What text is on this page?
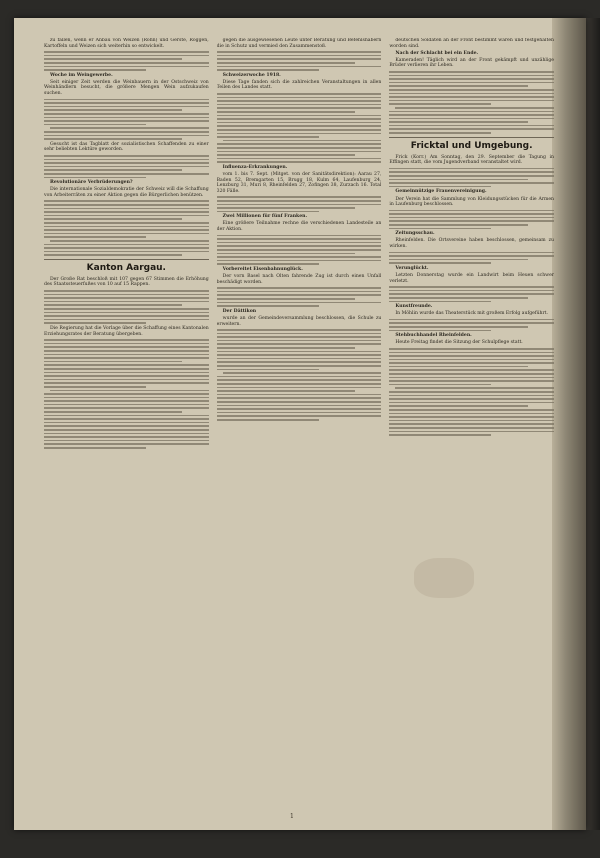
zu fallen, wenn er Anbau von Weizen (Rohn) und Gerste, Roggen, Kartoffeln und Weizen sich weiterhin so entwickelt.

Woche im Weingewerbe.

Seit einiger Zeit werden die Weinbauern in der Ostschweiz von Weinhändlern besucht, die größere Mengen Wein aufzukaufen suchen.

Gesucht ist das Tagblatt der sozialistischen Schaffenden zu einer sehr beliebten Lektüre geworden.

Revolutionäre Verbrüderungen?

Die internationale Sozialdemokratie der Schweiz will die Schaffung von Arbeiterräten zu einer Aktion gegen die Bürgerlichen benützen.

Kanton Aargau.

Der Große Rat beschloß mit 107 gegen 67 Stimmen die Erhöhung des Staatssteuerfußes von 10 auf 15 Rappen.

Die Regierung hat die Vorlage über die Schaffung eines Kantonalen Erziehungsrates der Beratung übergeben.

gegen die ausgewiesenen Leute unter Beratung und Befehlshabern die in Schutz und vermied den Zusammenstoß.

Schweizerwoche 1918.

Diese Tage fanden sich die zahlreichen Veranstaltungen in allen Teilen des Landes statt.

Influenza-Erkrankungen.

vom 1. bis 7. Sept. (Mitget. von der Sanitätsdirektion): Aarau 27, Baden 52, Bremgarten 15, Brugg 18, Kulm 64, Laufenburg 24, Lenzburg 31, Muri 8, Rheinfelden 27, Zofingen 38, Zurzach 16. Total 320 Fälle.

Zwei Millionen für fünf Franken.

Eine größere Teilnahme rechne die verschiedenen Landesteile an der Aktion.

Vorbereitet Eisenbahnunglück.

Der vorn Basel nach Olten fahrende Zug ist durch einen Unfall beschädigt worden.

Der Dättikon

wurde an der Gemeindeversammlung beschlossen, die Schule zu erweitern.

deutschen Soldaten an der Front bestimmt waren und festgehalten worden sind.

Nach der Schlacht bei ein Ende.

Kameraden! Täglich wird an der Front gekämpft und unzählige Brüder verlieren ihr Leben.

Fricktal und Umgebung.

Frick (Korr.) Am Sonntag, den 29. September die Tagung in Effingen statt, die vom Jugendverband veranstaltet wird.

Gemeinnützige Frauenvereinigung.

Der Verein hat die Sammlung von Kleidungsstücken für die Armen in Laufenburg beschlossen.

Zeitungsschau.

Rheinfelden. Die Ortsvereine haben beschlossen, gemeinsam zu wirken.

Verunglückt.

Letzten Donnerstag wurde ein Landwirt beim Heuen schwer verletzt.

Kunstfreunde.

In Möhlin wurde das Theaterstück mit großem Erfolg aufgeführt.

Stehbuchhandel Rheinfelden.

Heute Freitag findet die Sitzung der Schulpflege statt.

1
